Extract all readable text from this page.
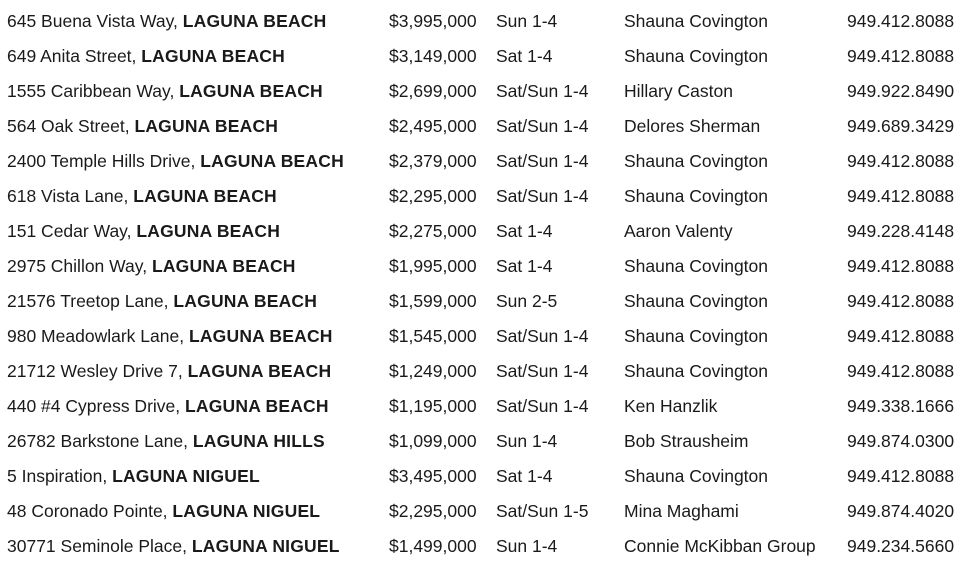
645 Buena Vista Way, LAGUNA BEACH	$3,995,000 Sun 1-4	Shauna Covington	949.412.8088
649 Anita Street, LAGUNA BEACH	$3,149,000 Sat 1-4	Shauna Covington	949.412.8088
1555 Caribbean Way, LAGUNA BEACH	$2,699,000 Sat/Sun 1-4 Hillary Caston	949.922.8490
564 Oak Street, LAGUNA BEACH	$2,495,000 Sat/Sun 1-4 Delores Sherman	949.689.3429
2400 Temple Hills Drive, LAGUNA BEACH	$2,379,000 Sat/Sun 1-4 Shauna Covington	949.412.8088
618 Vista Lane, LAGUNA BEACH	$2,295,000 Sat/Sun 1-4 Shauna Covington	949.412.8088
151 Cedar Way, LAGUNA BEACH	$2,275,000 Sat 1-4	Aaron Valenty	949.228.4148
2975 Chillon Way, LAGUNA BEACH	$1,995,000 Sat 1-4	Shauna Covington	949.412.8088
21576 Treetop Lane, LAGUNA BEACH	$1,599,000 Sun 2-5	Shauna Covington	949.412.8088
980 Meadowlark Lane, LAGUNA BEACH	$1,545,000 Sat/Sun 1-4 Shauna Covington	949.412.8088
21712 Wesley Drive 7, LAGUNA BEACH	$1,249,000 Sat/Sun 1-4 Shauna Covington	949.412.8088
440 #4 Cypress Drive, LAGUNA BEACH	$1,195,000 Sat/Sun 1-4 Ken Hanzlik	949.338.1666
26782 Barkstone Lane, LAGUNA HILLS	$1,099,000 Sun 1-4	Bob Strausheim	949.874.0300
5 Inspiration, LAGUNA NIGUEL	$3,495,000 Sat 1-4	Shauna Covington	949.412.8088
48 Coronado Pointe, LAGUNA NIGUEL	$2,295,000 Sat/Sun 1-5 Mina Maghami	949.874.4020
30771 Seminole Place, LAGUNA NIGUEL	$1,499,000 Sun 1-4	Connie McKibban Group 949.234.5660
